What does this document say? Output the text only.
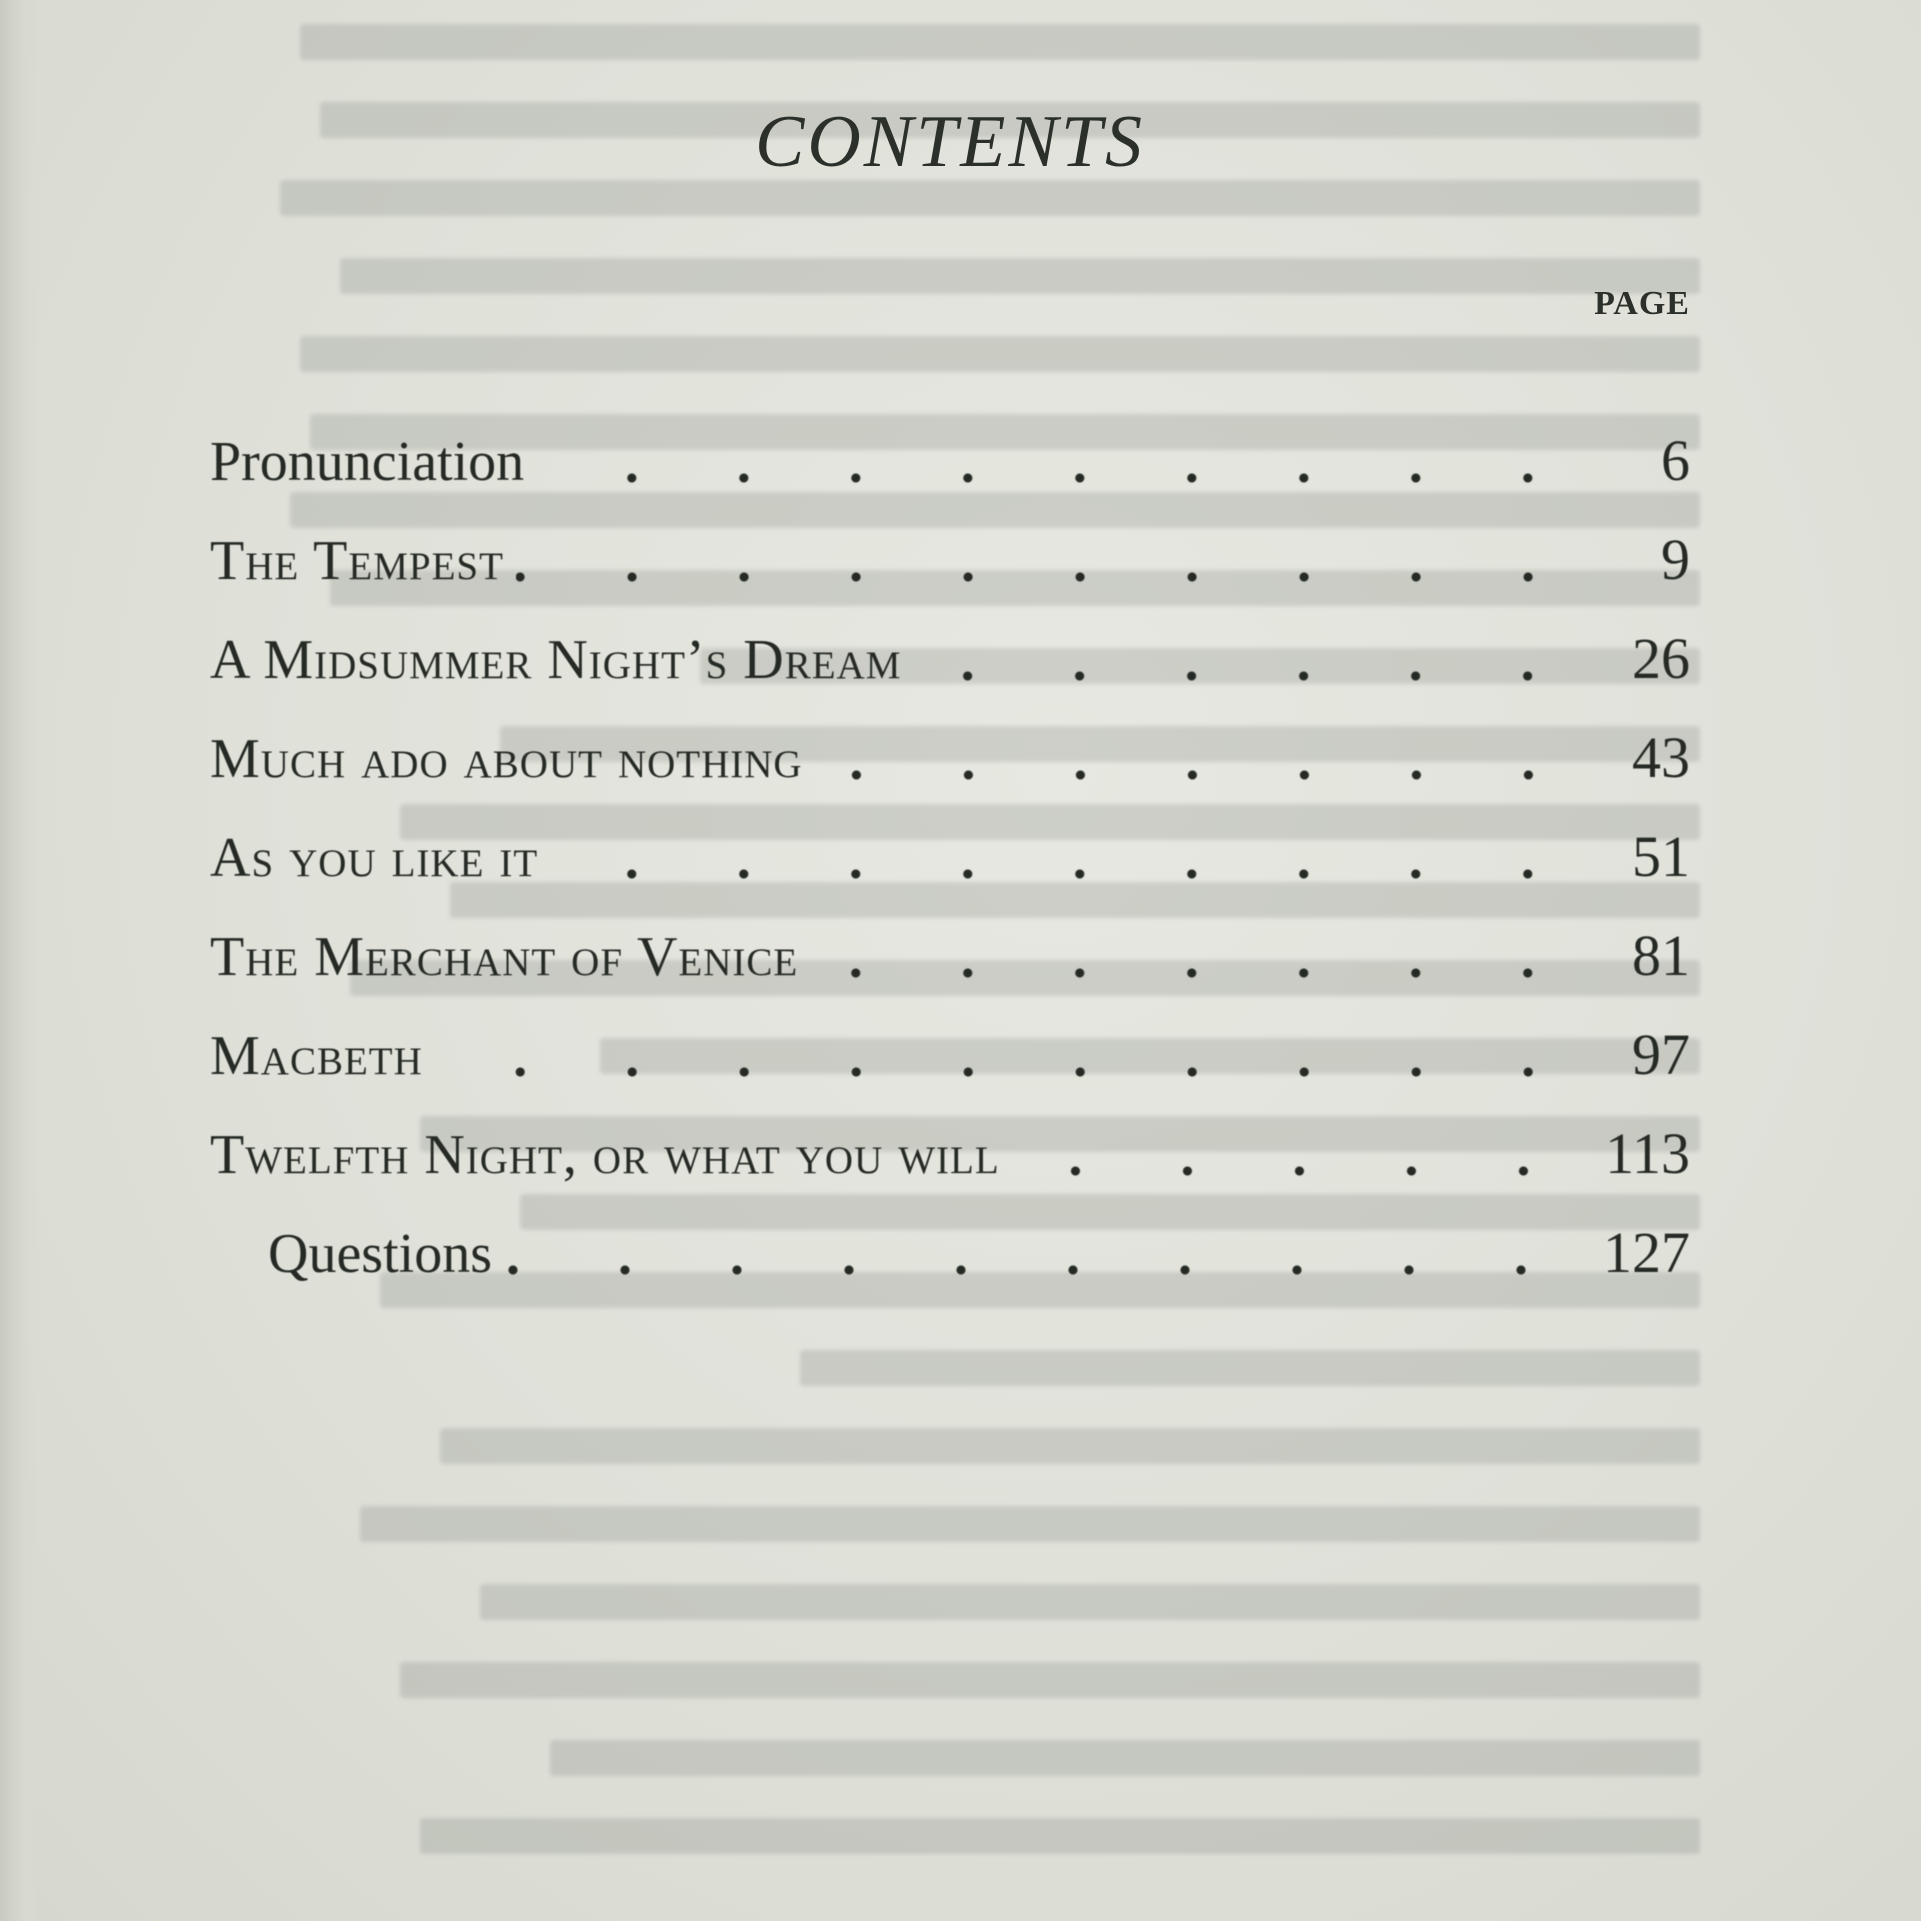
CONTENTS
PAGE
Pronunciation	6
The Tempest	9
A Midsummer Night’s Dream	26
Much ado about nothing	43
As you like it	51
The Merchant of Venice	81
Macbeth	97
Twelfth Night, or what you will	113
Questions	127
